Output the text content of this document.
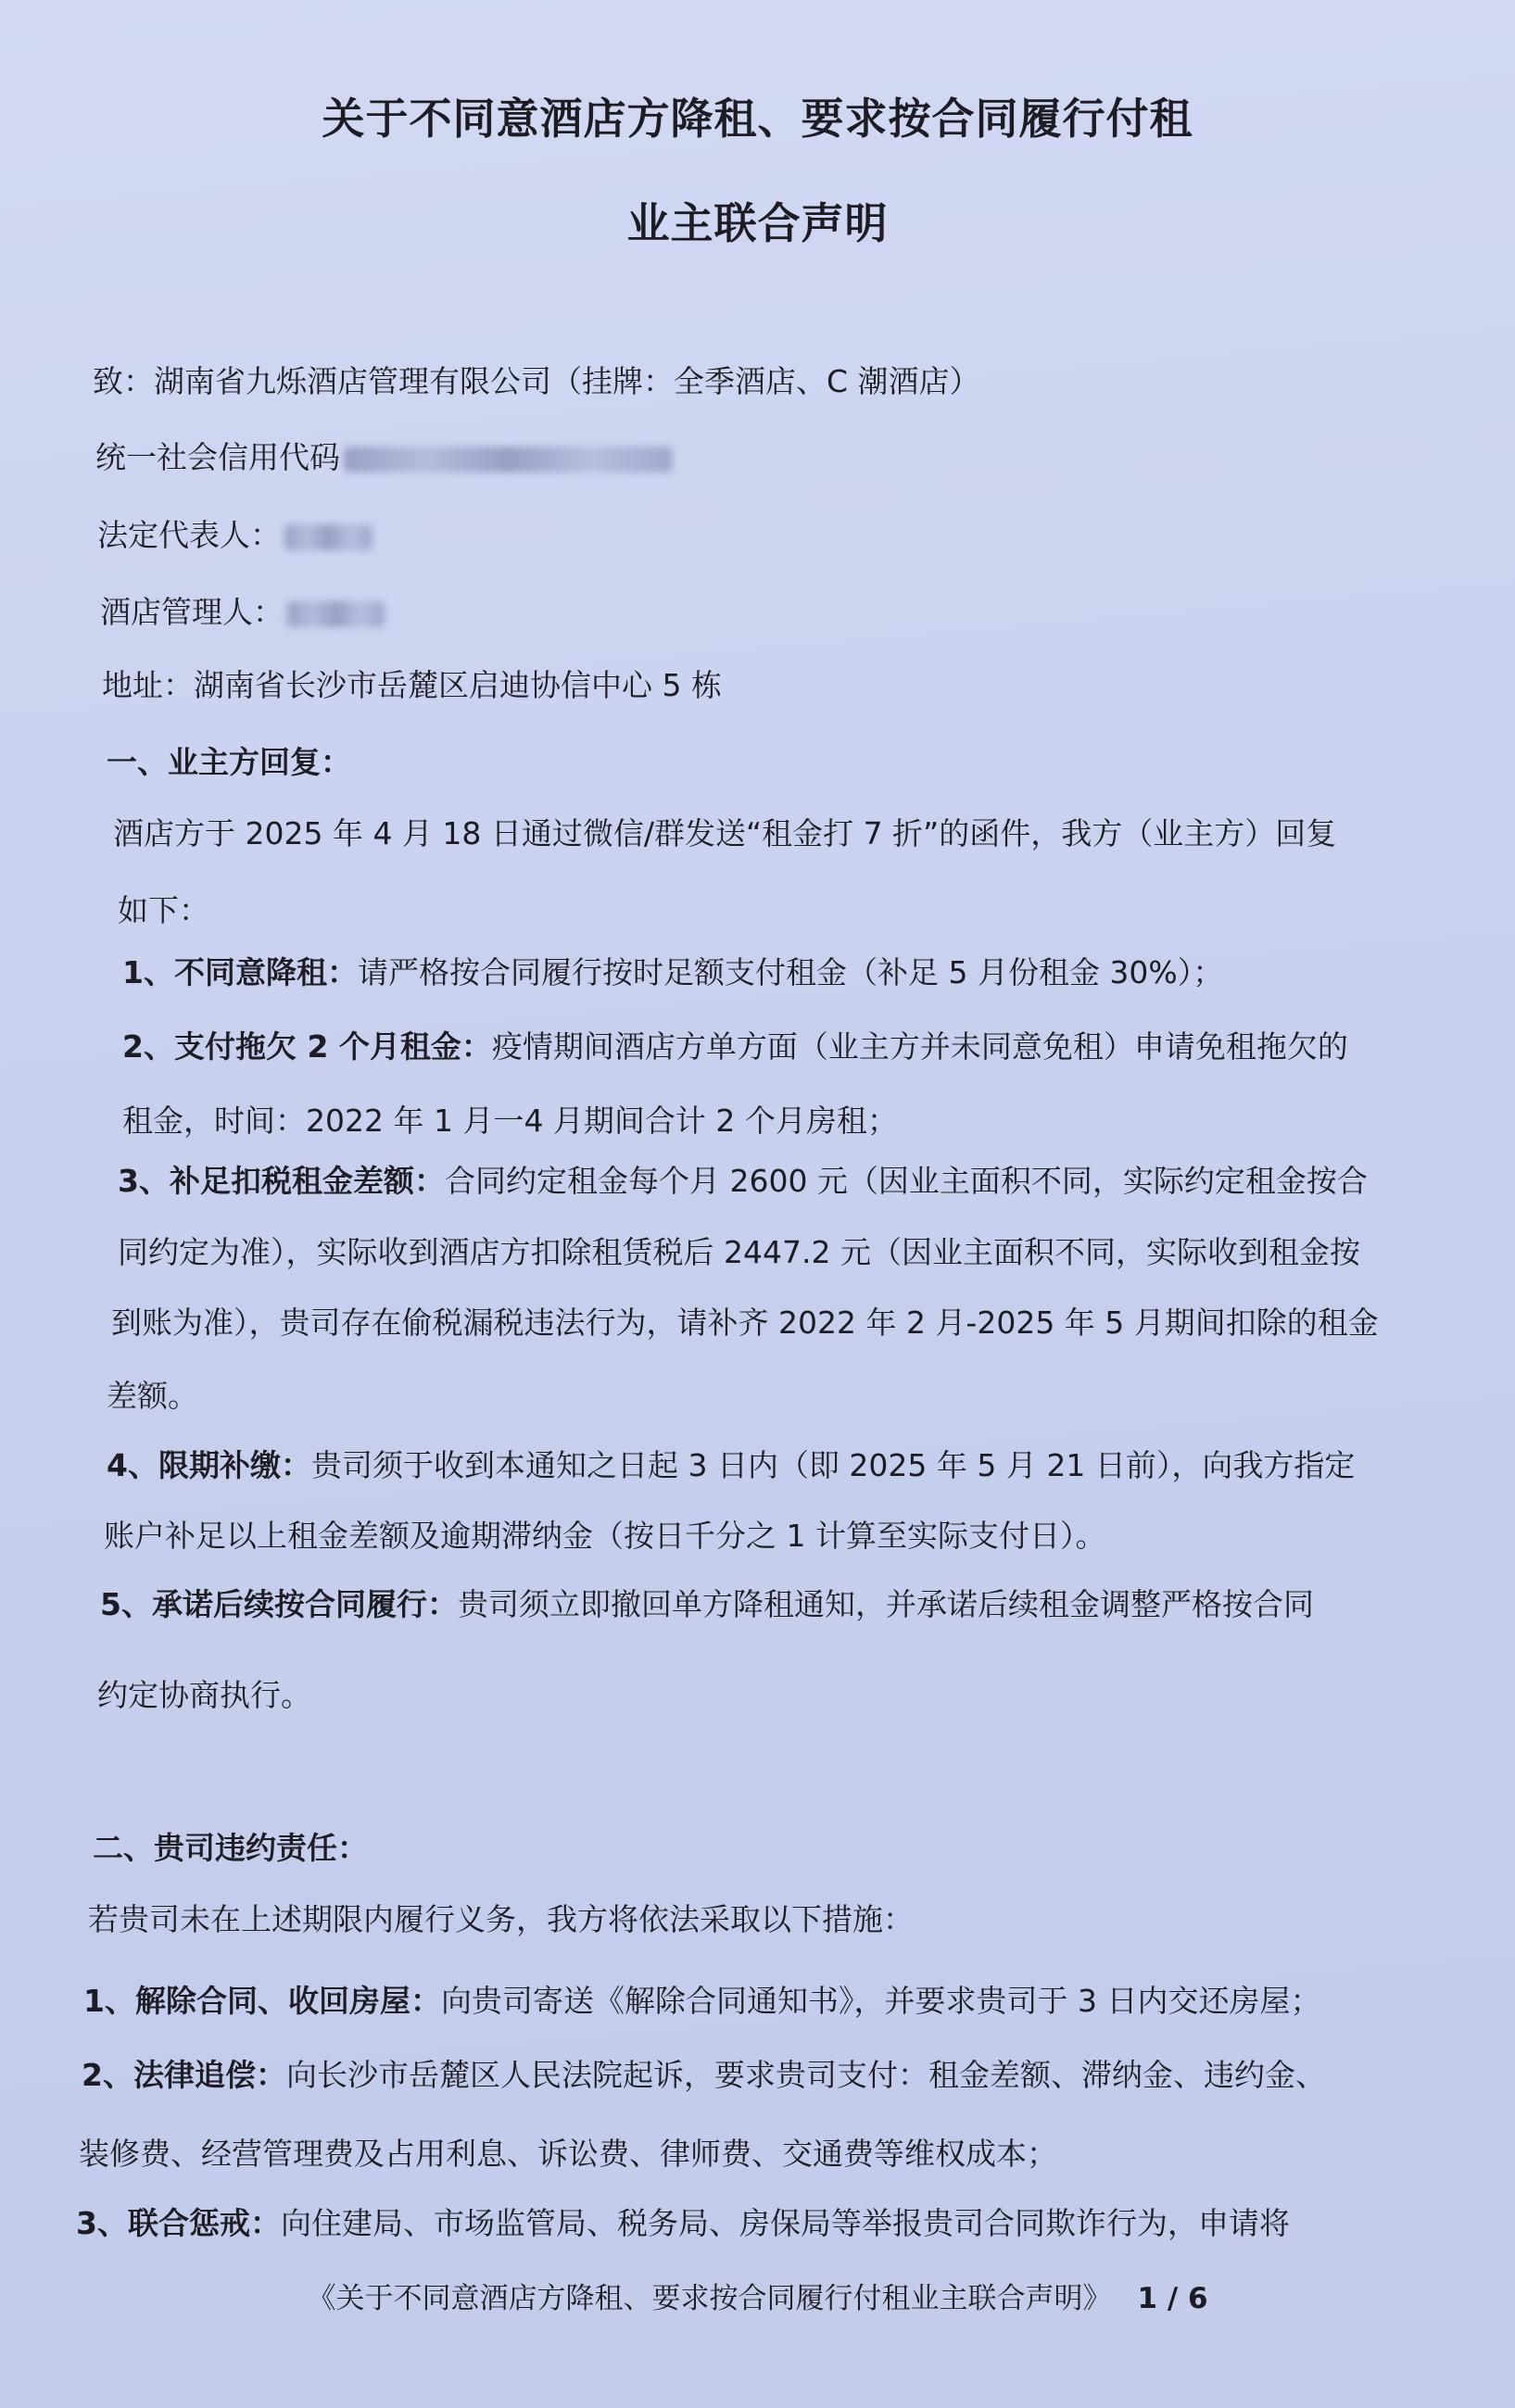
关于不同意酒店方降租、要求按合同履行付租
业主联合声明
致：湖南省九烁酒店管理有限公司（挂牌：全季酒店、C 潮酒店）
统一社会信用代码
法定代表人：
酒店管理人：
地址：湖南省长沙市岳麓区启迪协信中心 5 栋
一、业主方回复：
酒店方于 2025 年 4 月 18 日通过微信/群发送“租金打 7 折”的函件，我方（业主方）回复
如下：
1、不同意降租：请严格按合同履行按时足额支付租金（补足 5 月份租金 30%）；
2、支付拖欠 2 个月租金：疫情期间酒店方单方面（业主方并未同意免租）申请免租拖欠的
租金，时间：2022 年 1 月一4 月期间合计 2 个月房租；
3、补足扣税租金差额：合同约定租金每个月 2600 元（因业主面积不同，实际约定租金按合
同约定为准），实际收到酒店方扣除租赁税后 2447.2 元（因业主面积不同，实际收到租金按
到账为准），贵司存在偷税漏税违法行为，请补齐 2022 年 2 月-2025 年 5 月期间扣除的租金
差额。
4、限期补缴：贵司须于收到本通知之日起 3 日内（即 2025 年 5 月 21 日前），向我方指定
账户补足以上租金差额及逾期滞纳金（按日千分之 1 计算至实际支付日）。
5、承诺后续按合同履行：贵司须立即撤回单方降租通知，并承诺后续租金调整严格按合同
约定协商执行。
二、贵司违约责任：
若贵司未在上述期限内履行义务，我方将依法采取以下措施：
1、解除合同、收回房屋：向贵司寄送《解除合同通知书》，并要求贵司于 3 日内交还房屋；
2、法律追偿：向长沙市岳麓区人民法院起诉，要求贵司支付：租金差额、滞纳金、违约金、
装修费、经营管理费及占用利息、诉讼费、律师费、交通费等维权成本；
3、联合惩戒：向住建局、市场监管局、税务局、房保局等举报贵司合同欺诈行为，申请将
《关于不同意酒店方降租、要求按合同履行付租业主联合声明》 1 / 6
